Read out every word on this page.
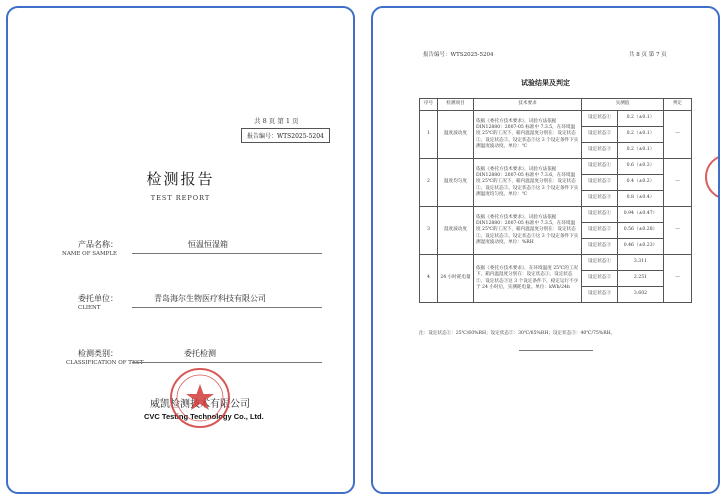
共 8 页 第 1 页
报告编号：WTS2025-5204
检测报告
TEST REPORT
产品名称：
NAME OF SAMPLE
恒温恒湿箱
委托单位：
CLIENT
青岛海尔生物医疗科技有限公司
检测类别：
CLASSIFICATION OF TEST
委托检测
威凯检测技术有限公司
CVC Testing Technology Co., Ltd.
报告编号：WTS2025-5204	共 8 页 第 7 页
试验结果及判定
序号	检测项目	技术要求	实测值		判定
1	温度波动度	依据《委托方技术要求》，试验方法依据DIN12880：2007-05 标准中 7.3.5，在环境温度 25℃的工况下，箱内温湿度分别在：设定状态①、设定状态②、设定状态③这 3 个设定条件下实测温度波动度。单位：℃	设定状态①	0.2（±0.1）	—
			设定状态②	0.2（±0.1）	
			设定状态③	0.2（±0.1）	
2	温度均匀度	依据《委托方技术要求》，试验方法依据DIN12880：2007-05 标准中 7.3.6，在环境温度 25℃的工况下，箱内温湿度分别在：设定状态①、设定状态②、设定状态③这 3 个设定条件下实测温度均匀度。单位：℃	设定状态①	0.6（±0.3）	—
			设定状态②	0.4（±0.2）	
			设定状态③	0.8（±0.4）	
3	湿度波动度	依据《委托方技术要求》，试验方法依据DIN12880：2007-05 标准中 7.3.5，在环境温度 25℃的工况下，箱内温湿度分别在：设定状态①、设定状态②、设定状态③这 3 个设定条件下实测湿度波动度。单位：%RH	设定状态①	0.94（±0.47）	—
			设定状态②	0.56（±0.28）	
			设定状态③	0.46（±0.23）	
4	24 小时耗电量	依据《委托方技术要求》，在环境温度 25℃的工况下，箱内温湿度分别在：设定状态①、设定状态②、设定状态③这 3 个设定条件下，稳定运行不少于 24 小时后，实测耗电量。单位：kWh/24h	设定状态①	3.311	—
			设定状态②	2.251	
			设定状态③	3.602	
注：设定状态①：25℃/60%RH；设定状态②：30℃/65%RH；设定状态③：40℃/75%RH。
